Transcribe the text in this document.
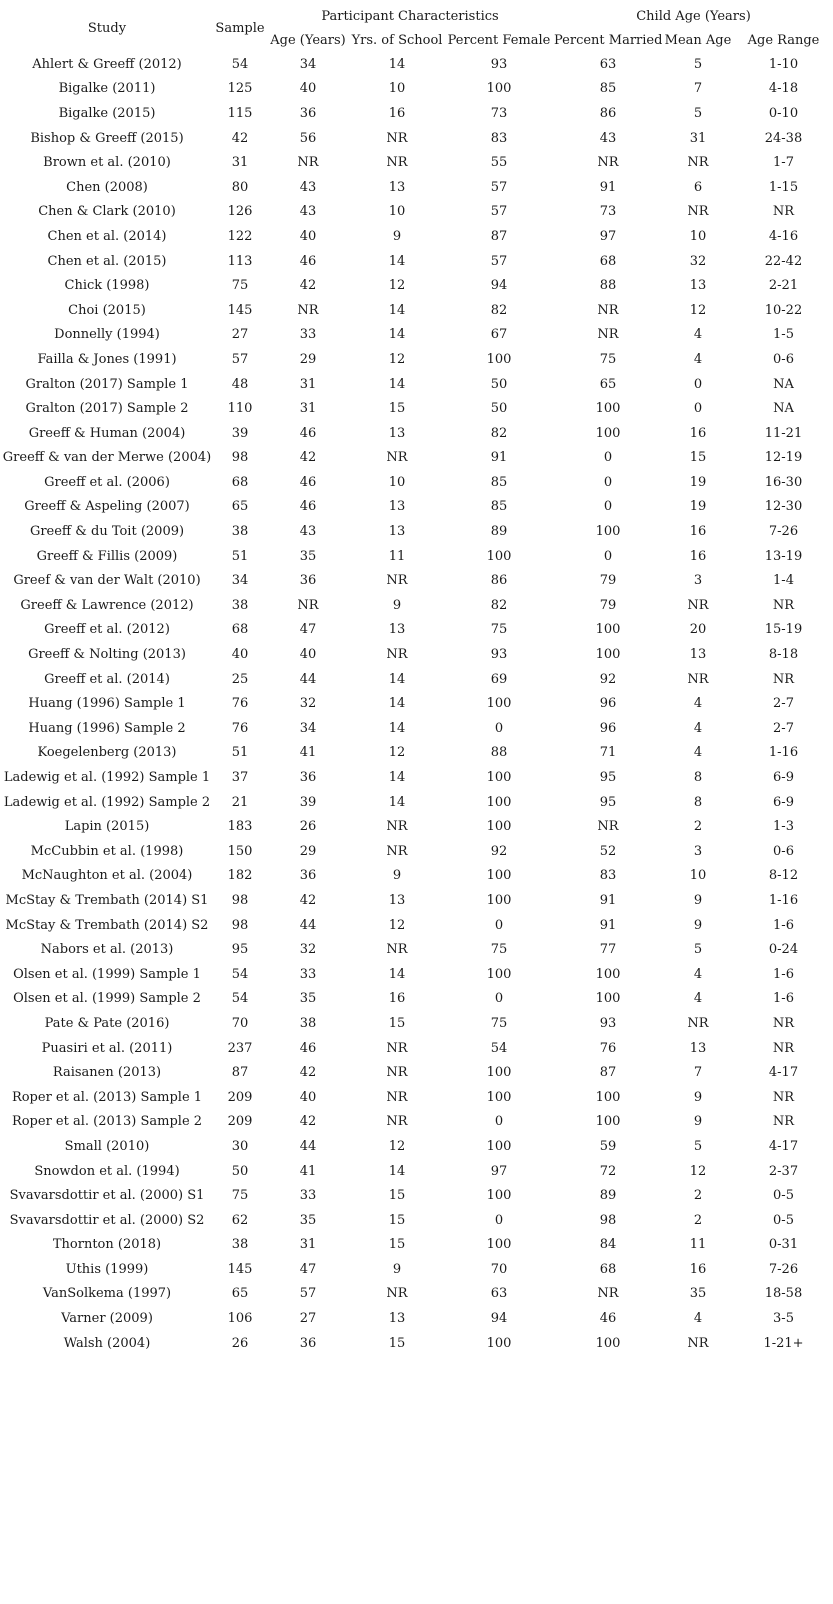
Study	Sample	Participant Characteristics			Child Age (Years)		
		Age (Years)	Yrs. of School	Percent Female	Percent Married	Mean Age	Age Range
Ahlert & Greeff (2012)	54	34	14	93	63	5	1-10
Bigalke (2011)	125	40	10	100	85	7	4-18
Bigalke (2015)	115	36	16	73	86	5	0-10
Bishop & Greeff (2015)	42	56	NR	83	43	31	24-38
Brown et al. (2010)	31	NR	NR	55	NR	NR	1-7
Chen (2008)	80	43	13	57	91	6	1-15
Chen & Clark (2010)	126	43	10	57	73	NR	NR
Chen et al. (2014)	122	40	9	87	97	10	4-16
Chen et al. (2015)	113	46	14	57	68	32	22-42
Chick (1998)	75	42	12	94	88	13	2-21
Choi (2015)	145	NR	14	82	NR	12	10-22
Donnelly (1994)	27	33	14	67	NR	4	1-5
Failla & Jones (1991)	57	29	12	100	75	4	0-6
Gralton (2017) Sample 1	48	31	14	50	65	0	NA
Gralton (2017) Sample 2	110	31	15	50	100	0	NA
Greeff & Human (2004)	39	46	13	82	100	16	11-21
Greeff & van der Merwe (2004)	98	42	NR	91	0	15	12-19
Greeff et al. (2006)	68	46	10	85	0	19	16-30
Greeff & Aspeling (2007)	65	46	13	85	0	19	12-30
Greeff & du Toit (2009)	38	43	13	89	100	16	7-26
Greeff & Fillis (2009)	51	35	11	100	0	16	13-19
Greef & van der Walt (2010)	34	36	NR	86	79	3	1-4
Greeff & Lawrence (2012)	38	NR	9	82	79	NR	NR
Greeff et al. (2012)	68	47	13	75	100	20	15-19
Greeff & Nolting (2013)	40	40	NR	93	100	13	8-18
Greeff et al. (2014)	25	44	14	69	92	NR	NR
Huang (1996) Sample 1	76	32	14	100	96	4	2-7
Huang (1996) Sample 2	76	34	14	0	96	4	2-7
Koegelenberg (2013)	51	41	12	88	71	4	1-16
Ladewig et al. (1992) Sample 1	37	36	14	100	95	8	6-9
Ladewig et al. (1992) Sample 2	21	39	14	100	95	8	6-9
Lapin (2015)	183	26	NR	100	NR	2	1-3
McCubbin et al. (1998)	150	29	NR	92	52	3	0-6
McNaughton et al. (2004)	182	36	9	100	83	10	8-12
McStay & Trembath (2014) S1	98	42	13	100	91	9	1-16
McStay & Trembath (2014) S2	98	44	12	0	91	9	1-6
Nabors et al. (2013)	95	32	NR	75	77	5	0-24
Olsen et al. (1999) Sample 1	54	33	14	100	100	4	1-6
Olsen et al. (1999) Sample 2	54	35	16	0	100	4	1-6
Pate & Pate (2016)	70	38	15	75	93	NR	NR
Puasiri et al. (2011)	237	46	NR	54	76	13	NR
Raisanen (2013)	87	42	NR	100	87	7	4-17
Roper et al. (2013) Sample 1	209	40	NR	100	100	9	NR
Roper et al. (2013) Sample 2	209	42	NR	0	100	9	NR
Small (2010)	30	44	12	100	59	5	4-17
Snowdon et al. (1994)	50	41	14	97	72	12	2-37
Svavarsdottir et al. (2000) S1	75	33	15	100	89	2	0-5
Svavarsdottir et al. (2000) S2	62	35	15	0	98	2	0-5
Thornton (2018)	38	31	15	100	84	11	0-31
Uthis (1999)	145	47	9	70	68	16	7-26
VanSolkema (1997)	65	57	NR	63	NR	35	18-58
Varner (2009)	106	27	13	94	46	4	3-5
Walsh (2004)	26	36	15	100	100	NR	1-21+
